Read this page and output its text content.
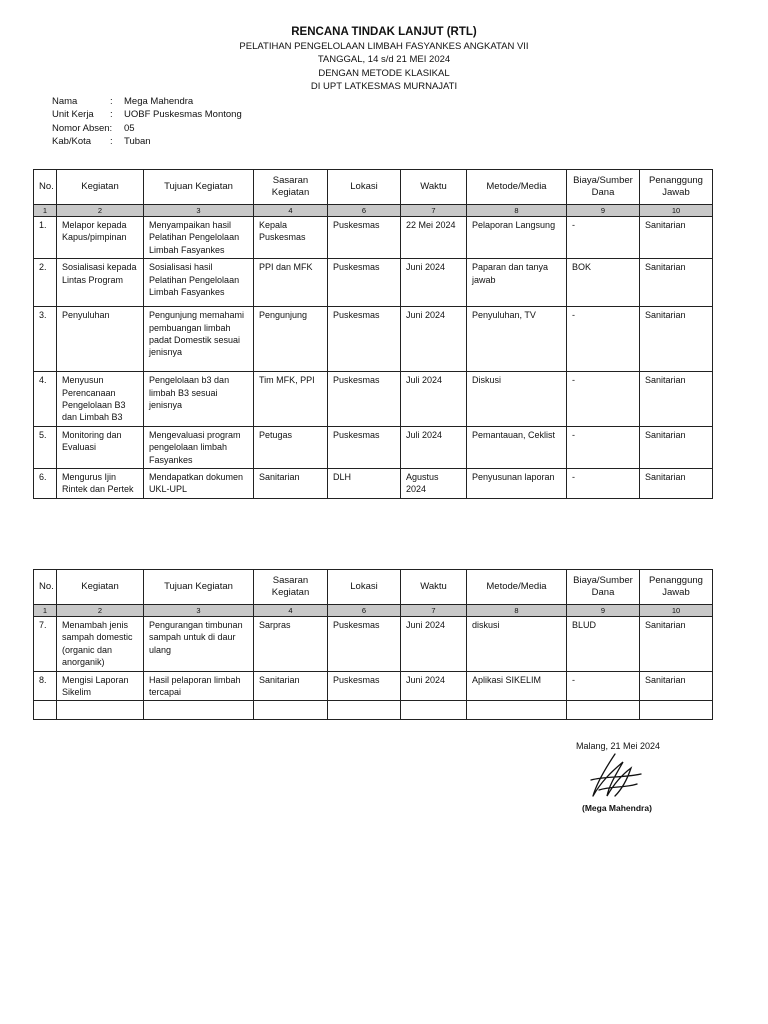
RENCANA TINDAK LANJUT (RTL)
PELATIHAN PENGELOLAAN LIMBAH FASYANKES ANGKATAN VII
TANGGAL, 14 s/d 21 MEI 2024
DENGAN METODE KLASIKAL
DI UPT LATKESMAS MURNAJATI
Nama	:	Mega Mahendra
Unit Kerja	:	UOBF Puskesmas Montong
Nomor Absen:	05
Kab/Kota	:	Tuban
No.	Kegiatan	Tujuan Kegiatan	Sasaran Kegiatan	Lokasi	Waktu	Metode/Media	Biaya/Sumber Dana	Penanggung Jawab
1	2	3	4	6	7	8	9	10
1.	Melapor kepada Kapus/pimpinan	Menyampaikan hasil Pelatihan Pengelolaan Limbah Fasyankes	Kepala Puskesmas	Puskesmas	22 Mei 2024	Pelaporan Langsung	-	Sanitarian
2.	Sosialisasi kepada Lintas Program	Sosialisasi hasil Pelatihan Pengelolaan Limbah Fasyankes	PPI dan MFK	Puskesmas	Juni 2024	Paparan dan tanya jawab	BOK	Sanitarian
3.	Penyuluhan	Pengunjung memahami pembuangan limbah padat Domestik sesuai jenisnya	Pengunjung	Puskesmas	Juni 2024	Penyuluhan, TV	-	Sanitarian
4.	Menyusun Perencanaan Pengelolaan B3 dan Limbah B3	Pengelolaan b3 dan limbah B3 sesuai jenisnya	Tim MFK, PPI	Puskesmas	Juli 2024	Diskusi	-	Sanitarian
5.	Monitoring dan Evaluasi	Mengevaluasi program pengelolaan limbah Fasyankes	Petugas	Puskesmas	Juli 2024	Pemantauan, Ceklist	-	Sanitarian
6.	Mengurus Ijin Rintek dan Pertek	Mendapatkan dokumen UKL-UPL	Sanitarian	DLH	Agustus 2024	Penyusunan laporan	-	Sanitarian
No.	Kegiatan	Tujuan Kegiatan	Sasaran Kegiatan	Lokasi	Waktu	Metode/Media	Biaya/Sumber Dana	Penanggung Jawab
1	2	3	4	6	7	8	9	10
7.	Menambah jenis sampah domestic (organic dan anorganik)	Pengurangan timbunan sampah untuk di daur ulang	Sarpras	Puskesmas	Juni 2024	diskusi	BLUD	Sanitarian
8.	Mengisi Laporan Sikelim	Hasil pelaporan limbah tercapai	Sanitarian	Puskesmas	Juni 2024	Aplikasi SIKELIM	-	Sanitarian

Malang, 21 Mei 2024
(Mega Mahendra)
